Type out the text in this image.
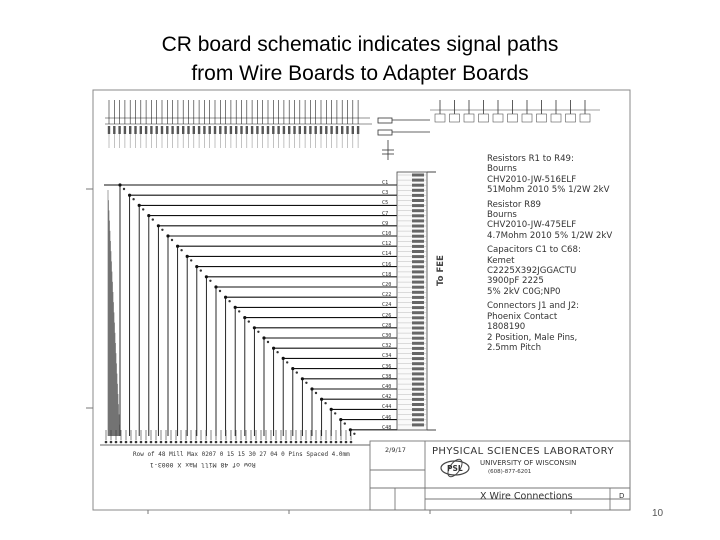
CR board schematic indicates signal paths
from Wire Boards to Adapter Boards
PSL
C1
C3
C5
C7
C9
C10
C12
C14
C16
C18
C20
C22
C24
C26
C28
C30
C32
C34
C36
C38
C40
C42
C44
C46
C48
To FEE
Resistors R1 to R49:
Bourns
CHV2010-JW-516ELF
51Mohm 2010 5% 1/2W 2kV
Resistor R89
Bourns
CHV2010-JW-475ELF
4.7Mohm 2010 5% 1/2W 2kV
Capacitors C1 to C68:
Kemet
C2225X392JGGACTU
3900pF 2225
5% 2kV C0G;NP0
Connectors J1 and J2:
Phoenix Contact
1808190
2 Position, Male Pins,
2.5mm Pitch
Row of 48 Mill Max 0207 0 15 15 30 27 04 0 Pins Spaced 4.0mm
Row of 48 Mill Max X 0003-1
2/9/17	PHYSICAL SCIENCES LABORATORY
UNIVERSITY OF WISCONSIN
(608)-877-6201
X Wire Connections	D
10
